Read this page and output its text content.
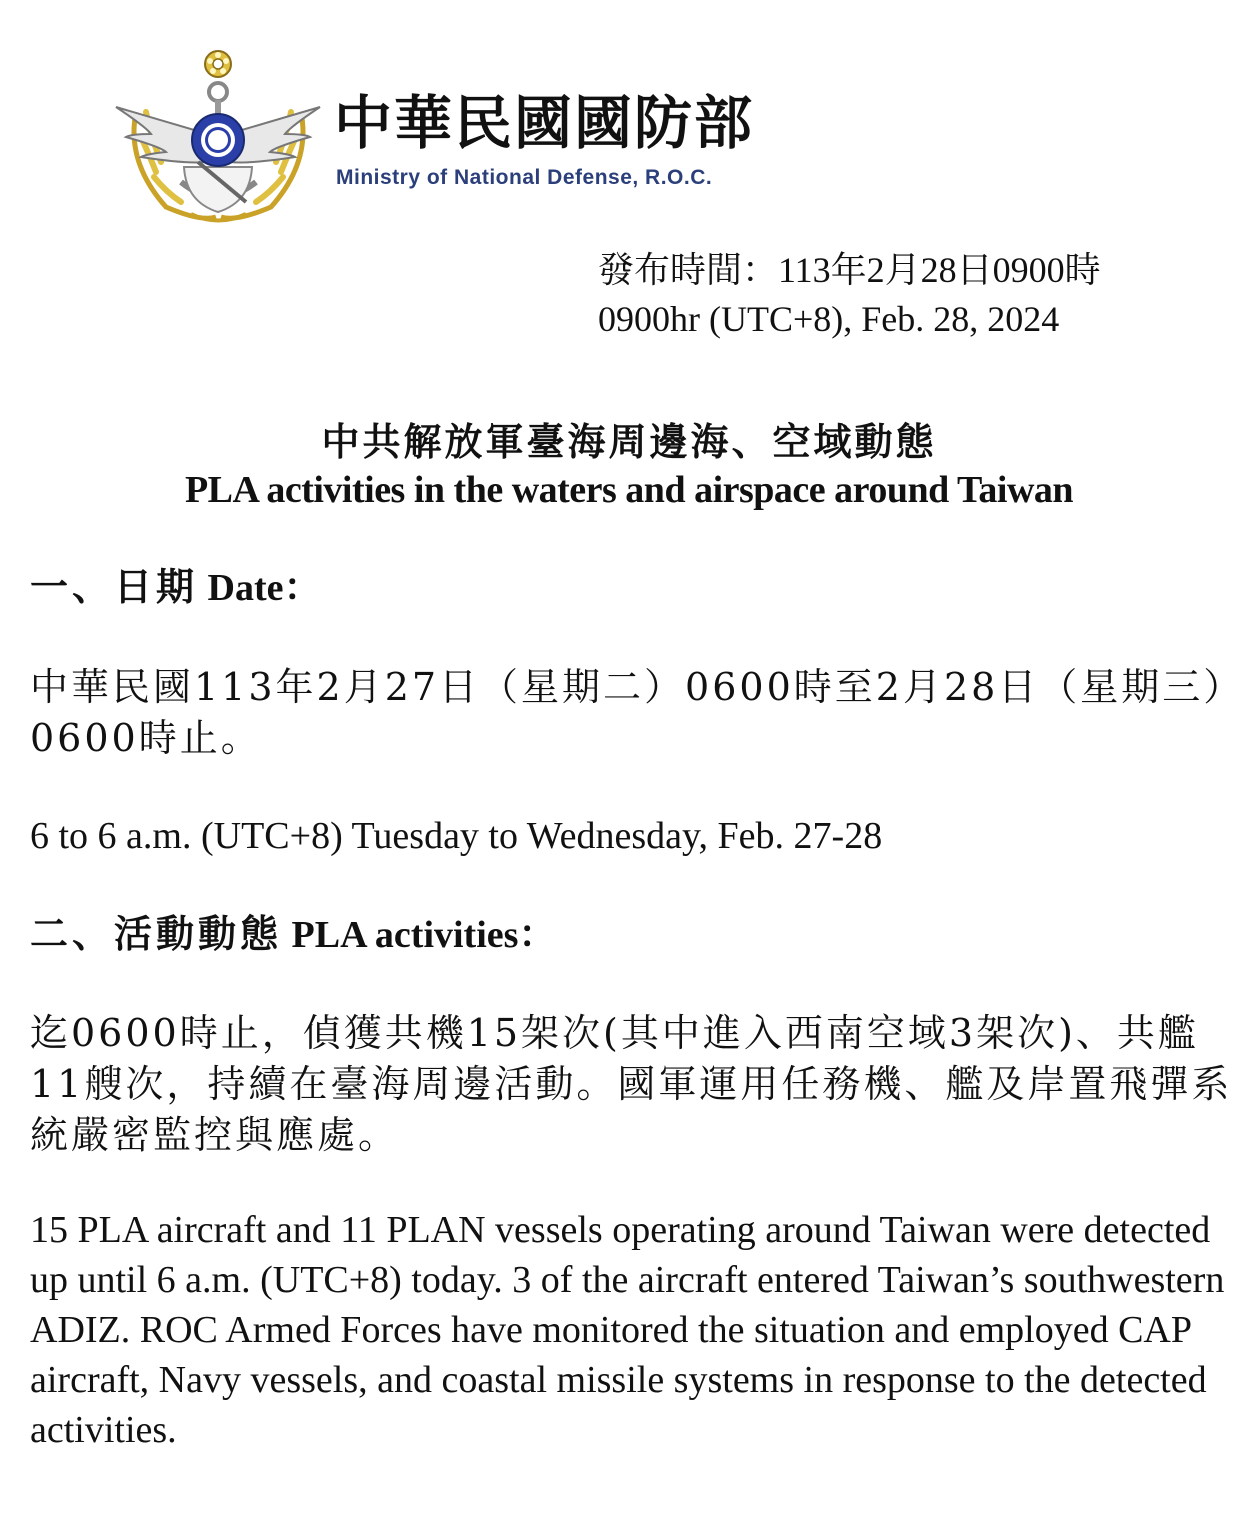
中華民國國防部
Ministry of National Defense, R.O.C.
發布時間：113年2月28日0900時
0900hr (UTC+8), Feb. 28, 2024
中共解放軍臺海周邊海、空域動態
PLA activities in the waters and airspace around Taiwan
一、日期 Date：
中華民國113年2月27日（星期二）0600時至2月28日（星期三）0600時止。
6 to 6 a.m. (UTC+8) Tuesday to Wednesday, Feb. 27-28
二、活動動態 PLA activities：
迄0600時止，偵獲共機15架次(其中進入西南空域3架次)、共艦11艘次，持續在臺海周邊活動。國軍運用任務機、艦及岸置飛彈系統嚴密監控與應處。
15 PLA aircraft and 11 PLAN vessels operating around Taiwan were detected up until 6 a.m. (UTC+8) today. 3 of the aircraft entered Taiwan’s southwestern ADIZ. ROC Armed Forces have monitored the situation and employed CAP aircraft, Navy vessels, and coastal missile systems in response to the detected activities.
